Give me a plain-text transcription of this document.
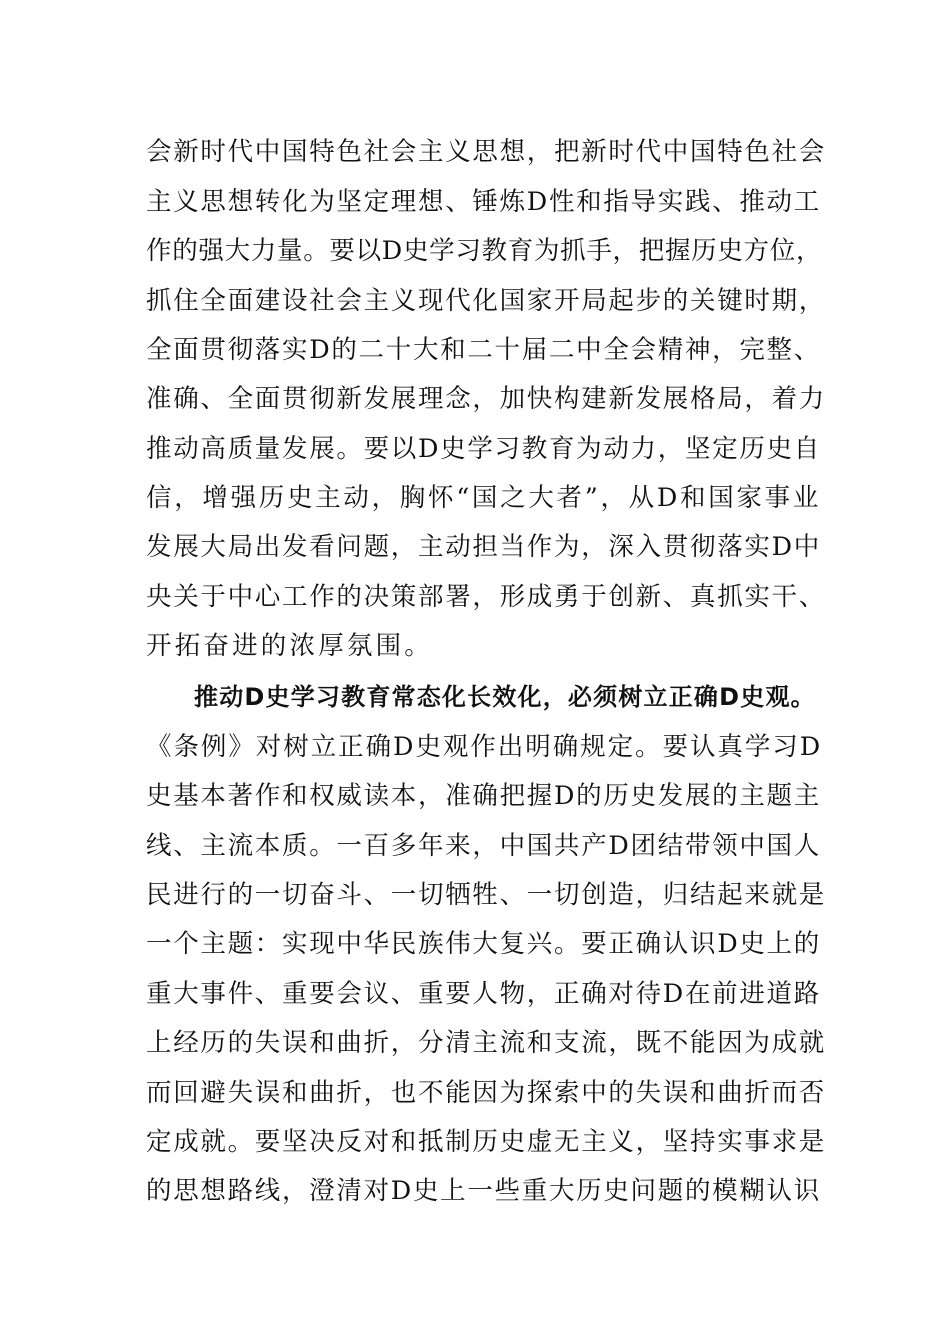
会新时代中国特色社会主义思想，把新时代中国特色社会
主义思想转化为坚定理想、锤炼D性和指导实践、推动工
作的强大力量。要以D史学习教育为抓手，把握历史方位，
抓住全面建设社会主义现代化国家开局起步的关键时期，
全面贯彻落实D的二十大和二十届二中全会精神，完整、
准确、全面贯彻新发展理念，加快构建新发展格局，着力
推动高质量发展。要以D史学习教育为动力，坚定历史自
信，增强历史主动，胸怀“国之大者”，从D和国家事业
发展大局出发看问题，主动担当作为，深入贯彻落实D中
央关于中心工作的决策部署，形成勇于创新、真抓实干、
开拓奋进的浓厚氛围。
推动D史学习教育常态化长效化，必须树立正确D史观。
《条例》对树立正确D史观作出明确规定。要认真学习D
史基本著作和权威读本，准确把握D的历史发展的主题主
线、主流本质。一百多年来，中国共产D团结带领中国人
民进行的一切奋斗、一切牺牲、一切创造，归结起来就是
一个主题：实现中华民族伟大复兴。要正确认识D史上的
重大事件、重要会议、重要人物，正确对待D在前进道路
上经历的失误和曲折，分清主流和支流，既不能因为成就
而回避失误和曲折，也不能因为探索中的失误和曲折而否
定成就。要坚决反对和抵制历史虚无主义，坚持实事求是
的思想路线，澄清对D史上一些重大历史问题的模糊认识
